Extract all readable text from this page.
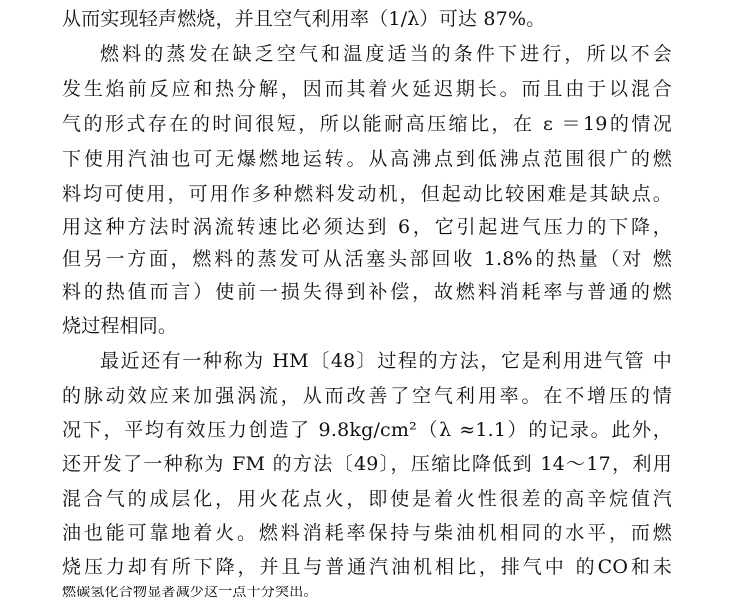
从而实现轻声燃烧，并且空气利用率（1/λ）可达 87%。
燃料的蒸发在缺乏空气和温度适当的条件下进行，所以不会
发生焰前反应和热分解，因而其着火延迟期长。而且由于以混合
气的形式存在的时间很短，所以能耐高压缩比，在 ε ＝19的情况
下使用汽油也可无爆燃地运转。从高沸点到低沸点范围很广的燃
料均可使用，可用作多种燃料发动机，但起动比较困难是其缺点。
用这种方法时涡流转速比必须达到 6，它引起进气压力的下降，
但另一方面，燃料的蒸发可从活塞头部回收 1.8%的热量（对 燃
料的热值而言）使前一损失得到补偿，故燃料消耗率与普通的燃
烧过程相同。
最近还有一种称为 HM〔48〕过程的方法，它是利用进气管 中
的脉动效应来加强涡流，从而改善了空气利用率。在不增压的情
况下，平均有效压力创造了 9.8kg/cm²（λ ≈1.1）的记录。此外，
还开发了一种称为 FM 的方法〔49〕，压缩比降低到 14～17，利用
混合气的成层化，用火花点火，即使是着火性很差的高辛烷值汽
油也能可靠地着火。燃料消耗率保持与柴油机相同的水平，而燃
烧压力却有所下降，并且与普通汽油机相比，排气中 的CO和未
燃碳氢化合物显著减少这一点十分突出。
